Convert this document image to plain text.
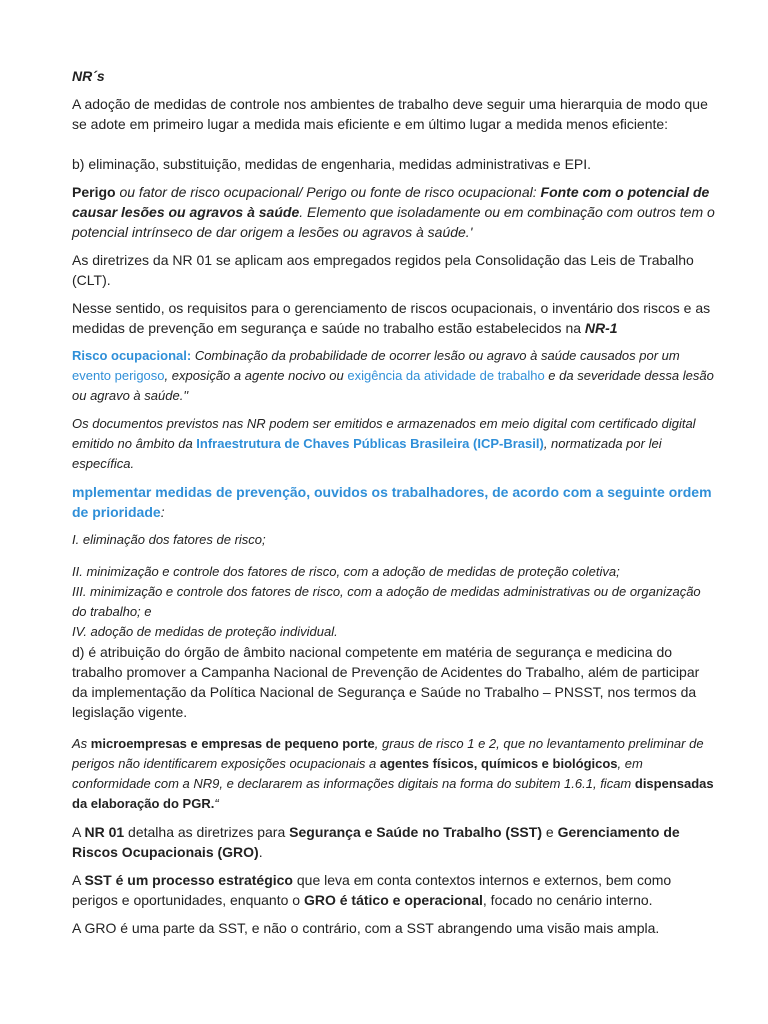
NR´s

A adoção de medidas de controle nos ambientes de trabalho deve seguir uma hierarquia de modo que se adote em primeiro lugar a medida mais eficiente e em último lugar a medida menos eficiente:

b) eliminação, substituição, medidas de engenharia, medidas administrativas e EPI.

Perigo ou fator de risco ocupacional/ Perigo ou fonte de risco ocupacional: Fonte com o potencial de causar lesões ou agravos à saúde. Elemento que isoladamente ou em combinação com outros tem o potencial intrínseco de dar origem a lesões ou agravos à saúde.'

As diretrizes da NR 01 se aplicam aos empregados regidos pela Consolidação das Leis de Trabalho (CLT).

Nesse sentido, os requisitos para o gerenciamento de riscos ocupacionais, o inventário dos riscos e as medidas de prevenção em segurança e saúde no trabalho estão estabelecidos na NR-1

Risco ocupacional: Combinação da probabilidade de ocorrer lesão ou agravo à saúde causados por um evento perigoso, exposição a agente nocivo ou exigência da atividade de trabalho e da severidade dessa lesão ou agravo à saúde.''

Os documentos previstos nas NR podem ser emitidos e armazenados em meio digital com certificado digital emitido no âmbito da Infraestrutura de Chaves Públicas Brasileira (ICP-Brasil), normatizada por lei específica.

mplementar medidas de prevenção, ouvidos os trabalhadores, de acordo com a seguinte ordem de prioridade:

I. eliminação dos fatores de risco;

II. minimização e controle dos fatores de risco, com a adoção de medidas de proteção coletiva;

III. minimização e controle dos fatores de risco, com a adoção de medidas administrativas ou de organização do trabalho; e

IV. adoção de medidas de proteção individual.

d) é atribuição do órgão de âmbito nacional competente em matéria de segurança e medicina do trabalho promover a Campanha Nacional de Prevenção de Acidentes do Trabalho, além de participar da implementação da Política Nacional de Segurança e Saúde no Trabalho – PNSST, nos termos da legislação vigente.

As microempresas e empresas de pequeno porte, graus de risco 1 e 2, que no levantamento preliminar de perigos não identificarem exposições ocupacionais a agentes físicos, químicos e biológicos, em conformidade com a NR9, e declararem as informações digitais na forma do subitem 1.6.1, ficam dispensadas da elaboração do PGR.“

A NR 01 detalha as diretrizes para Segurança e Saúde no Trabalho (SST) e Gerenciamento de Riscos Ocupacionais (GRO).

A SST é um processo estratégico que leva em conta contextos internos e externos, bem como perigos e oportunidades, enquanto o GRO é tático e operacional, focado no cenário interno.

A GRO é uma parte da SST, e não o contrário, com a SST abrangendo uma visão mais ampla.
